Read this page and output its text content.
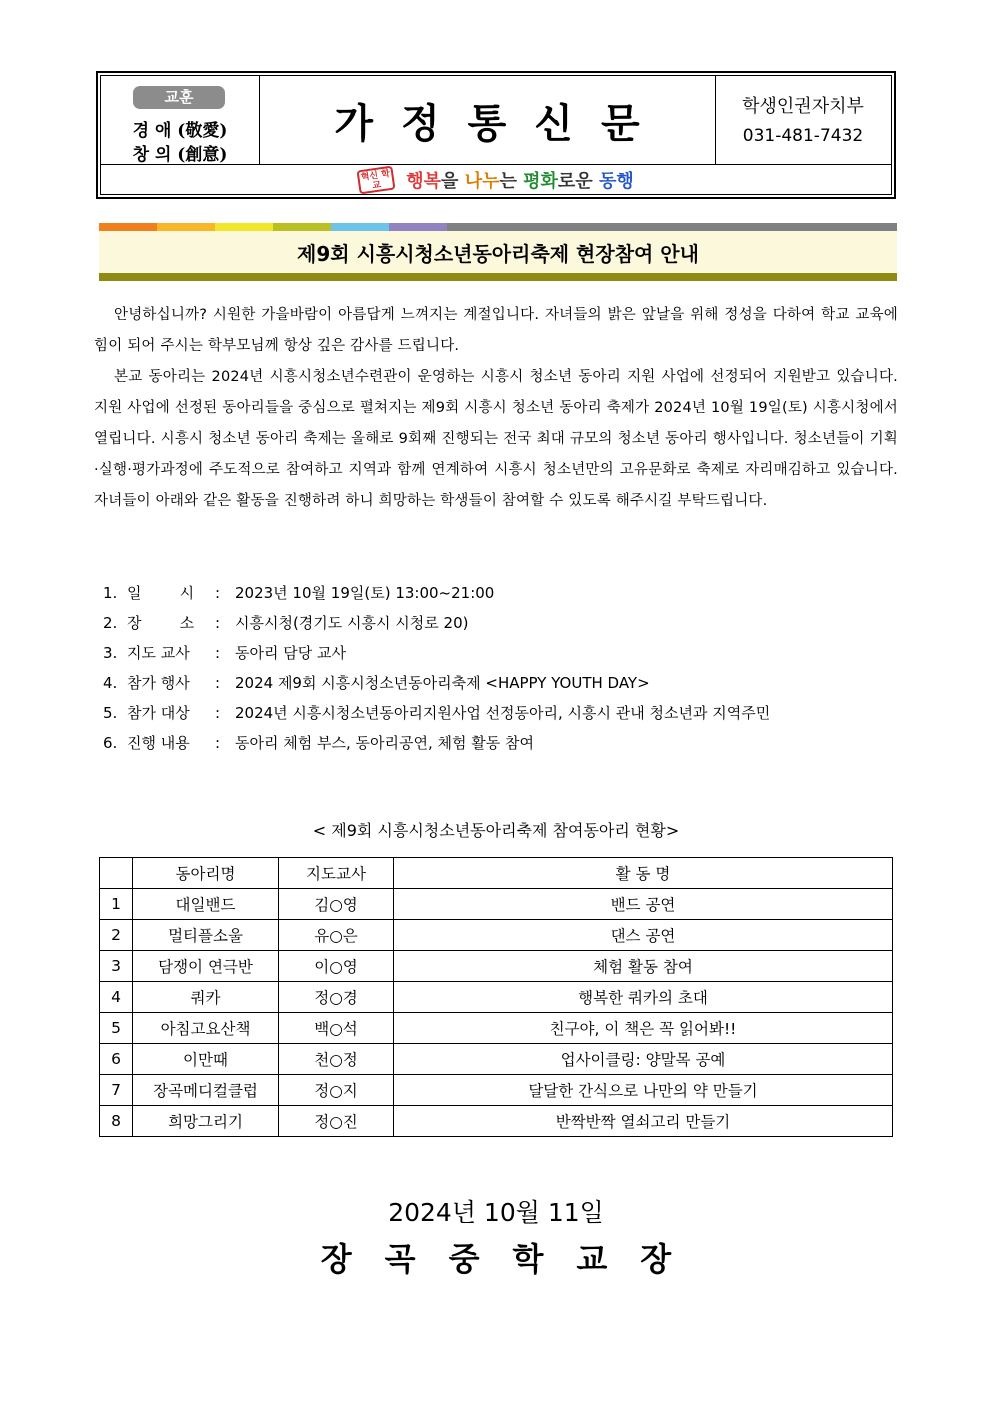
교훈
경 애 (敬愛)
창 의 (創意)
가정통신문	학생인권자치부
031-481-7432
혁신 학교	행복 을 나누 는 평화 로운 동행
제9회 시흥시청소년동아리축제 현장참여 안내

안녕하십니까? 시원한 가을바람이 아름답게 느껴지는 계절입니다. 자녀들의 밝은 앞날을 위해 정성을 다하여 학교 교육에 힘이 되어 주시는 학부모님께 항상 깊은 감사를 드립니다.

본교 동아리는 2024년 시흥시청소년수련관이 운영하는 시흥시 청소년 동아리 지원 사업에 선정되어 지원받고 있습니다. 지원 사업에 선정된 동아리들을 중심으로 펼쳐지는 제9회 시흥시 청소년 동아리 축제가 2024년 10월 19일(토) 시흥시청에서 열립니다. 시흥시 청소년 동아리 축제는 올해로 9회째 진행되는 전국 최대 규모의 청소년 동아리 행사입니다. 청소년들이 기획·실행·평가과정에 주도적으로 참여하고 지역과 함께 연계하여 시흥시 청소년만의 고유문화로 축제로 자리매김하고 있습니다. 자녀들이 아래와 같은 활동을 진행하려 하니 희망하는 학생들이 참여할 수 있도록 해주시길 부탁드립니다.

1. 일        시 : 2023년 10월 19일(토) 13:00~21:00
2. 장        소 : 시흥시청(경기도 시흥시 시청로 20)
3. 지도 교사 : 동아리 담당 교사
4. 참가 행사 : 2024 제9회 시흥시청소년동아리축제 <HAPPY YOUTH DAY>
5. 참가 대상 : 2024년 시흥시청소년동아리지원사업 선정동아리, 시흥시 관내 청소년과 지역주민
6. 진행 내용 : 동아리 체험 부스, 동아리공연, 체험 활동 참여
< 제9회 시흥시청소년동아리축제 참여동아리 현황>
	동아리명	지도교사	활 동 명
1	대일밴드	김○영	밴드 공연
2	멀티플소울	유○은	댄스 공연
3	담쟁이 연극반	이○영	체험 활동 참여
4	쿼카	정○경	행복한 쿼카의 초대
5	아침고요산책	백○석	친구야, 이 책은 꼭 읽어봐!!
6	이만때	천○정	업사이클링: 양말목 공예
7	장곡메디컬클럽	정○지	달달한 간식으로 나만의 약 만들기
8	희망그리기	정○진	반짝반짝 열쇠고리 만들기
2024년 10월 11일
장곡중학교장
